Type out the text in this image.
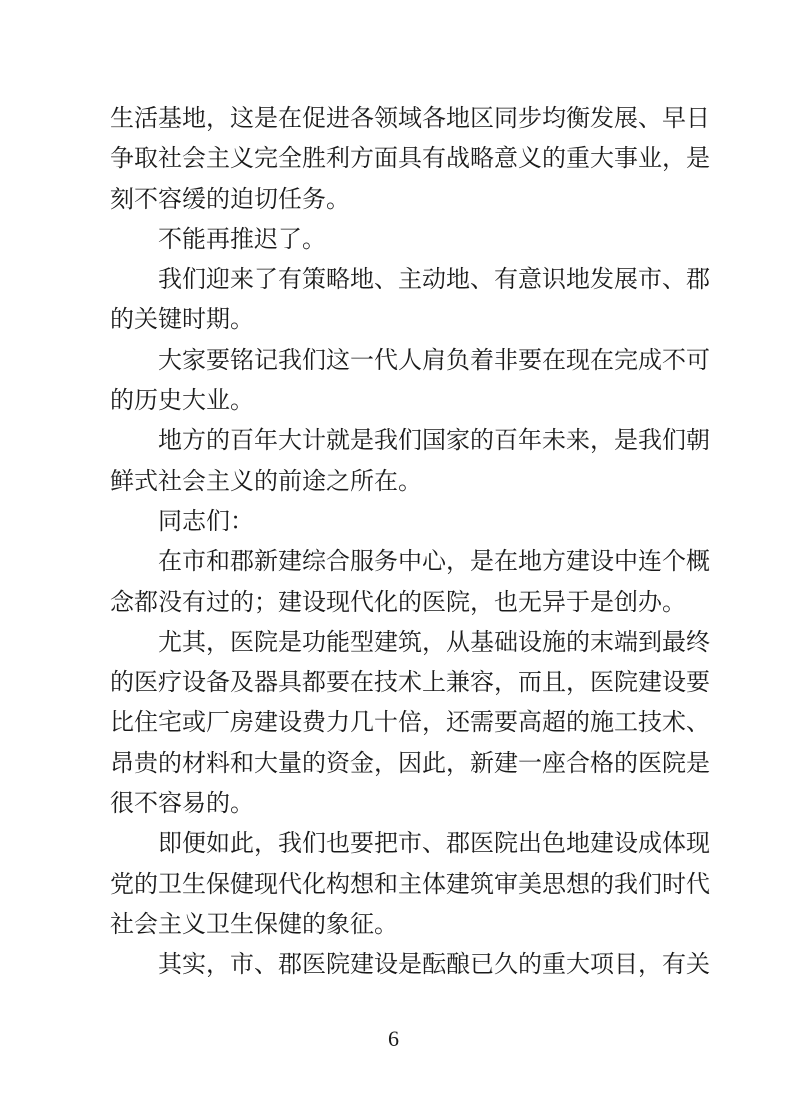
生活基地，这是在促进各领域各地区同步均衡发展、早日
争取社会主义完全胜利方面具有战略意义的重大事业，是
刻不容缓的迫切任务。
不能再推迟了。
我们迎来了有策略地、主动地、有意识地发展市、郡
的关键时期。
大家要铭记我们这一代人肩负着非要在现在完成不可
的历史大业。
地方的百年大计就是我们国家的百年未来，是我们朝
鲜式社会主义的前途之所在。
同志们：
在市和郡新建综合服务中心，是在地方建设中连个概
念都没有过的；建设现代化的医院，也无异于是创办。
尤其，医院是功能型建筑，从基础设施的末端到最终
的医疗设备及器具都要在技术上兼容，而且，医院建设要
比住宅或厂房建设费力几十倍，还需要高超的施工技术、
昂贵的材料和大量的资金，因此，新建一座合格的医院是
很不容易的。
即便如此，我们也要把市、郡医院出色地建设成体现
党的卫生保健现代化构想和主体建筑审美思想的我们时代
社会主义卫生保健的象征。
其实，市、郡医院建设是酝酿已久的重大项目，有关
6
